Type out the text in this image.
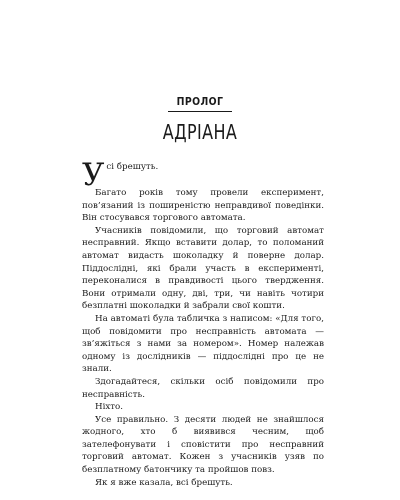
ПРОЛОГ
АДРІАНА

У сі брешуть.

Багато років тому провели експеримент, пов’язаний із поширеністю неправдивої поведінки. Він стосувався торгового автомата.

Учасників повідомили, що торговий автомат несправний. Якщо вставити долар, то поломаний автомат видасть шоколадку й поверне долар. Піддослідні, які брали участь в експерименті, переконалися в правдивості цього твердження. Вони отримали одну, дві, три, чи навіть чотири безплатні шоколадки й забрали свої кошти.

На автоматі була табличка з написом: «Для того, щоб повідомити про несправність автомата — зв’яжіться з нами за номером». Номер належав одному із дослідників — піддослідні про це не знали.

Здогадайтеся, скільки осіб повідомили про несправність.

Ніхто.

Усе правильно. З десяти людей не знайшлося жодного, хто б виявився чесним, щоб зателефонувати і сповістити про несправний торговий автомат. Кожен з учасників узяв по безплатному батончику та пройшов повз.

Як я вже казала, всі брешуть.
